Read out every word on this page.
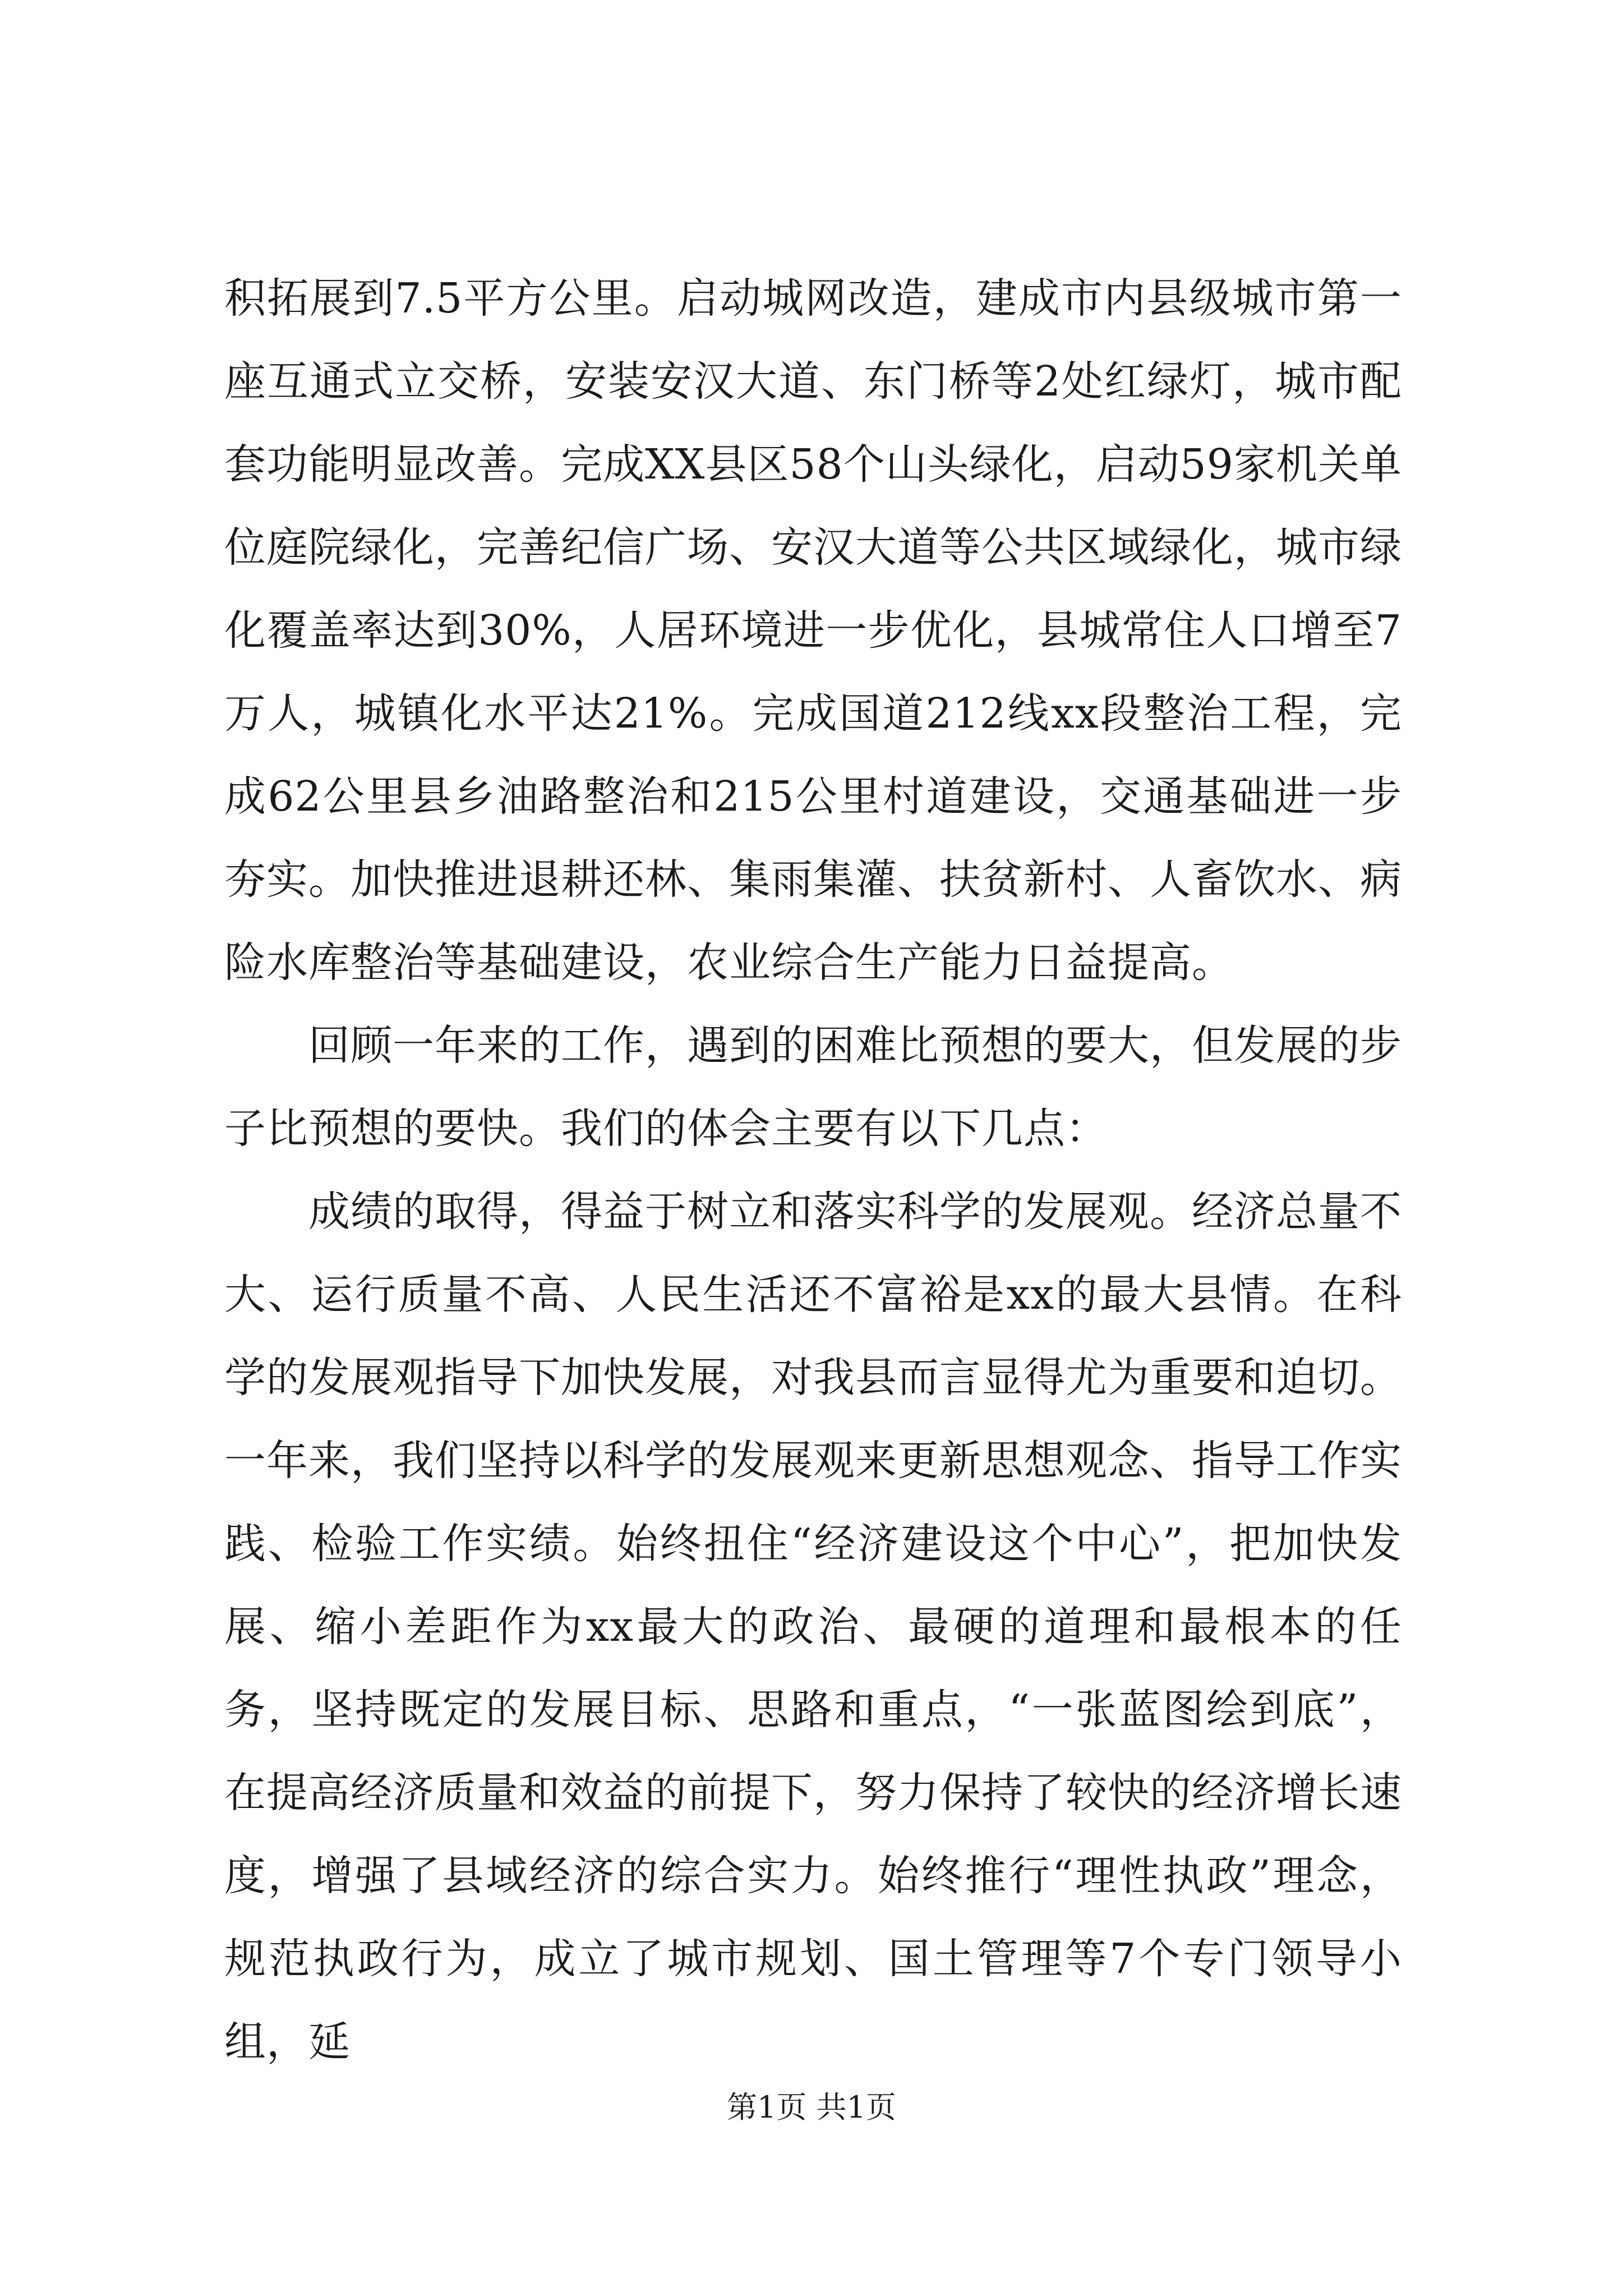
积拓展到7.5平方公里。启动城网改造，建成市内县级城市第一座互通式立交桥，安装安汉大道、东门桥等2处红绿灯，城市配套功能明显改善。完成XX县区58个山头绿化，启动59家机关单位庭院绿化，完善纪信广场、安汉大道等公共区域绿化，城市绿化覆盖率达到30%，人居环境进一步优化，县城常住人口增至7万人，城镇化水平达21%。完成国道212线xx段整治工程，完成62公里县乡油路整治和215公里村道建设，交通基础进一步夯实。加快推进退耕还林、集雨集灌、扶贫新村、人畜饮水、病险水库整治等基础建设，农业综合生产能力日益提高。

回顾一年来的工作，遇到的困难比预想的要大，但发展的步子比预想的要快。我们的体会主要有以下几点：

成绩的取得，得益于树立和落实科学的发展观。经济总量不大、运行质量不高、人民生活还不富裕是xx的最大县情。在科学的发展观指导下加快发展，对我县而言显得尤为重要和迫切。一年来，我们坚持以科学的发展观来更新思想观念、指导工作实践、检验工作实绩。始终扭住“经济建设这个中心”，把加快发展、缩小差距作为xx最大的政治、最硬的道理和最根本的任务，坚持既定的发展目标、思路和重点，“一张蓝图绘到底”，在提高经济质量和效益的前提下，努力保持了较快的经济增长速度，增强了县域经济的综合实力。始终推行“理性执政”理念，规范执政行为，成立了城市规划、国土管理等7个专门领导小组，延

第1页 共1页
